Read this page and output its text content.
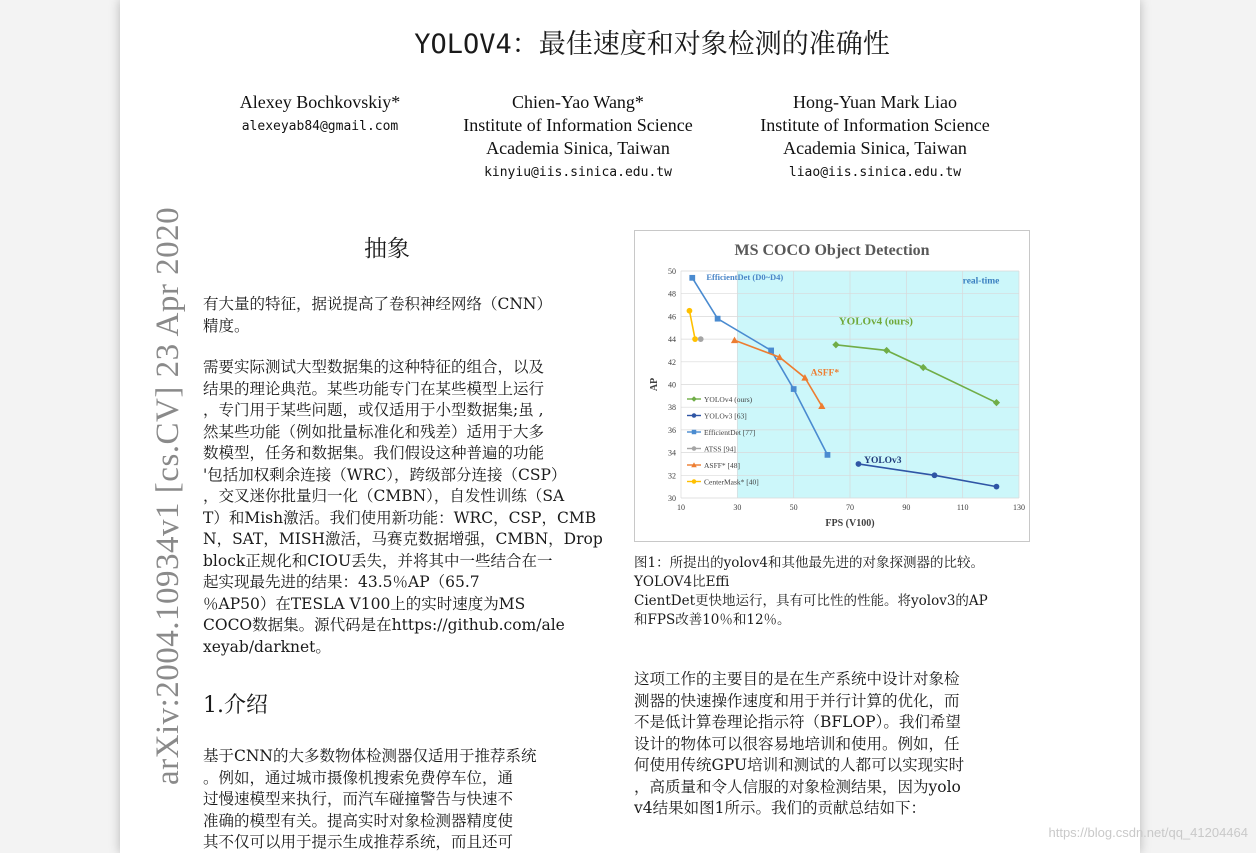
YOLOV4：最佳速度和对象检测的准确性
Alexey Bochkovskiy*
alexeyab84@gmail.com
Chien-Yao Wang*
Institute of Information Science
Academia Sinica, Taiwan
kinyiu@iis.sinica.edu.tw
Hong-Yuan Mark Liao
Institute of Information Science
Academia Sinica, Taiwan
liao@iis.sinica.edu.tw
arXiv:2004.10934v1 [cs.CV] 23 Apr 2020	抽象

有大量的特征，据说提高了卷积神经网络（CNN）
精度。

需要实际测试大型数据集的这种特征的组合，以及
结果的理论典范。某些功能专门在某些模型上运行
，专门用于某些问题，或仅适用于小型数据集;虽 ,
然某些功能（例如批量标准化和残差）适用于大多
数模型，任务和数据集。我们假设这种普遍的功能
'包括加权剩余连接（WRC），跨级部分连接（CSP）
，交叉迷你批量归一化（CMBN），自发性训练（SA
T）和Mish激活。我们使用新功能：WRC，CSP，CMB
N，SAT，MISH激活，马赛克数据增强，CMBN，Drop
block正规化和CIOU丢失，并将其中一些结合在一
起实现最先进的结果：43.5％AP（65.7
％AP50）在TESLA V100上的实时速度为MS
COCO数据集。源代码是在https://github.com/ale
xeyab/darknet。

1.介绍

基于CNN的大多数物体检测器仅适用于推荐系统
。例如，通过城市摄像机搜索免费停车位，通
过慢速模型来执行，而汽车碰撞警告与快速不
准确的模型有关。提高实时对象检测器精度使
其不仅可以用于提示生成推荐系统，而且还可

MS COCO Object Detection
30
32
34
36
38
40
42
44
46
48
50
10	30	50	70	90	110	130
FPS (V100)
AP
EfficientDet (D0~D4)	real-time
YOLOv4 (ours)
ASFF*
YOLOv3
YOLOv4 (ours)
YOLOv3 [63]
EfficientDet [77]
ATSS [94]
ASFF* [48]
CenterMask* [40]
图1：所提出的yolov4和其他最先进的对象探测器的比较。
YOLOV4比Effi
CientDet更快地运行，具有可比性的性能。将yolov3的AP
和FPS改善10％和12％。

这项工作的主要目的是在生产系统中设计对象检
测器的快速操作速度和用于并行计算的优化，而
不是低计算卷理论指示符（BFLOP）。我们希望
设计的物体可以很容易地培训和使用。例如，任
何使用传统GPU培训和测试的人都可以实现实时
，高质量和令人信服的对象检测结果，因为yolo
v4结果如图1所示。我们的贡献总结如下：

https://blog.csdn.net/qq_41204464
